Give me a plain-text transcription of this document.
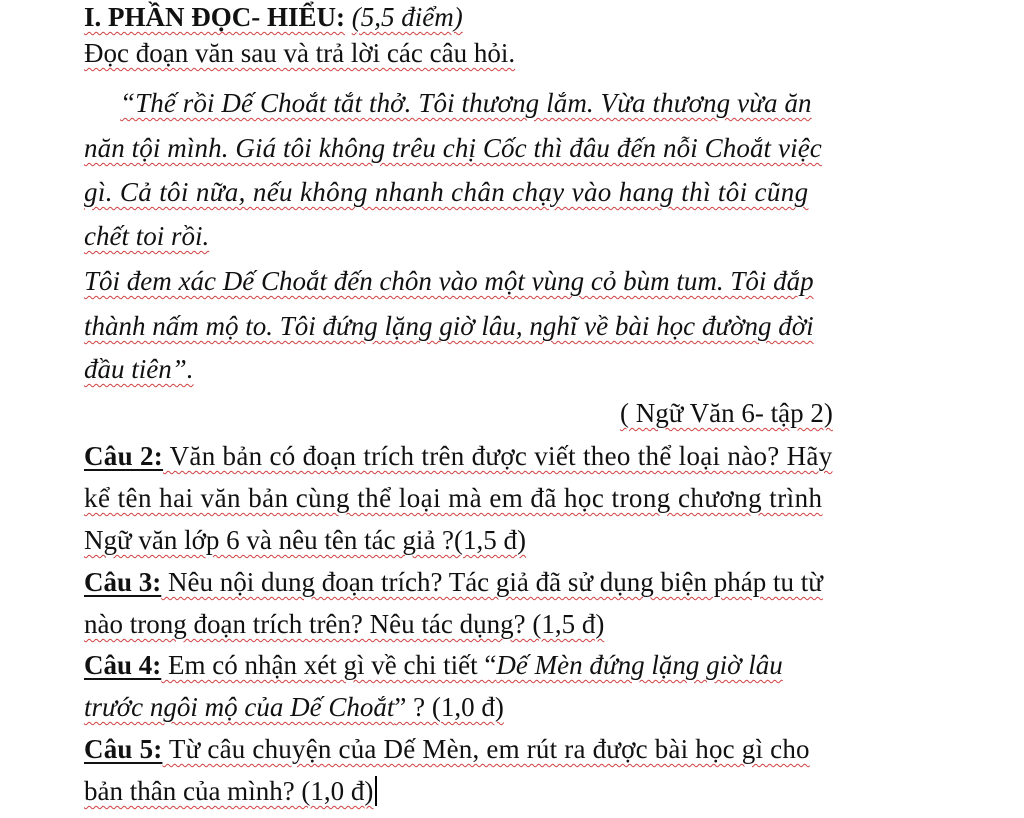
I. PHẦN ĐỌC- HIỂU: (5,5 điểm)
Đọc đoạn văn sau và trả lời các câu hỏi.
“Thế rồi Dế Choắt tắt thở. Tôi thương lắm. Vừa thương vừa ăn
năn tội mình. Giá tôi không trêu chị Cốc thì đâu đến nỗi Choắt việc
gì. Cả tôi nữa, nếu không nhanh chân chạy vào hang thì tôi cũng
chết toi rồi.
Tôi đem xác Dế Choắt đến chôn vào một vùng cỏ bùm tum. Tôi đắp
thành nấm mộ to. Tôi đứng lặng giờ lâu, nghĩ về bài học đường đời
đầu tiên”.
( Ngữ Văn 6- tập 2)
Câu 2: Văn bản có đoạn trích trên được viết theo thể loại nào? Hãy
kể tên hai văn bản cùng thể loại mà em đã học trong chương trình
Ngữ văn lớp 6 và nêu tên tác giả ?(1,5 đ)
Câu 3: Nêu nội dung đoạn trích? Tác giả đã sử dụng biện pháp tu từ
nào trong đoạn trích trên? Nêu tác dụng? (1,5 đ)
Câu 4: Em có nhận xét gì về chi tiết “Dế Mèn đứng lặng giờ lâu
trước ngôi mộ của Dế Choắt” ? (1,0 đ)
Câu 5: Từ câu chuyện của Dế Mèn, em rút ra được bài học gì cho
bản thân của mình? (1,0 đ)
